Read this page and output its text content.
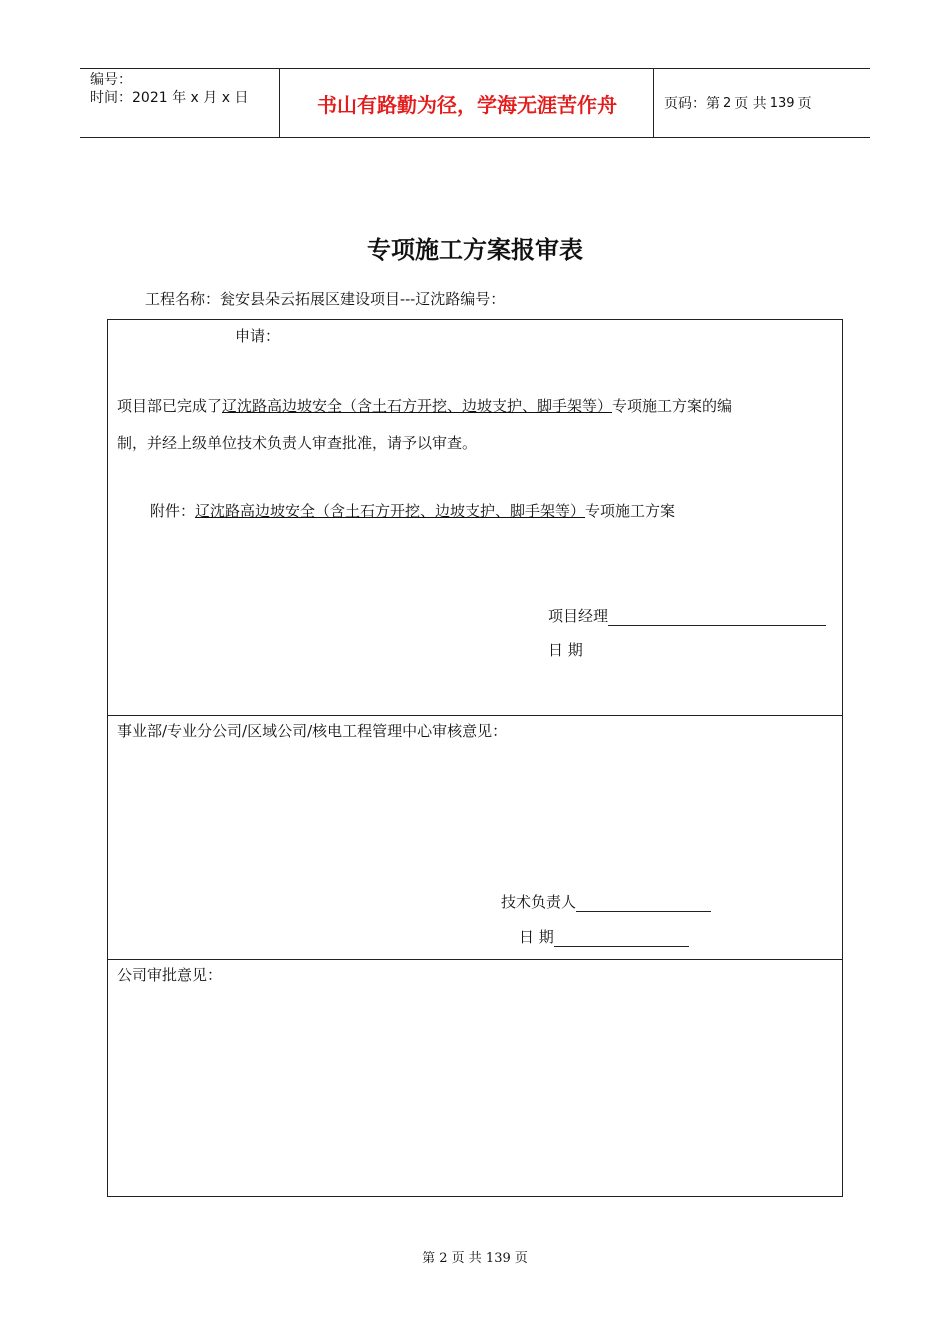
编号：
时间：2021 年 x 月 x 日	书山有路勤为径，学海无涯苦作舟	页码：第 2 页 共 139 页
专项施工方案报审表
工程名称：瓮安县朵云拓展区建设项目---辽沈路编号：
申请：
项目部已完成了辽沈路高边坡安全（含土石方开挖、边坡支护、脚手架等）专项施工方案的编
制，并经上级单位技术负责人审查批准，请予以审查。
附件：辽沈路高边坡安全（含土石方开挖、边坡支护、脚手架等）专项施工方案
项目经理
日 期
事业部/专业分公司/区域公司/核电工程管理中心审核意见：
技术负责人
日 期
公司审批意见：
第 2 页 共 139 页
